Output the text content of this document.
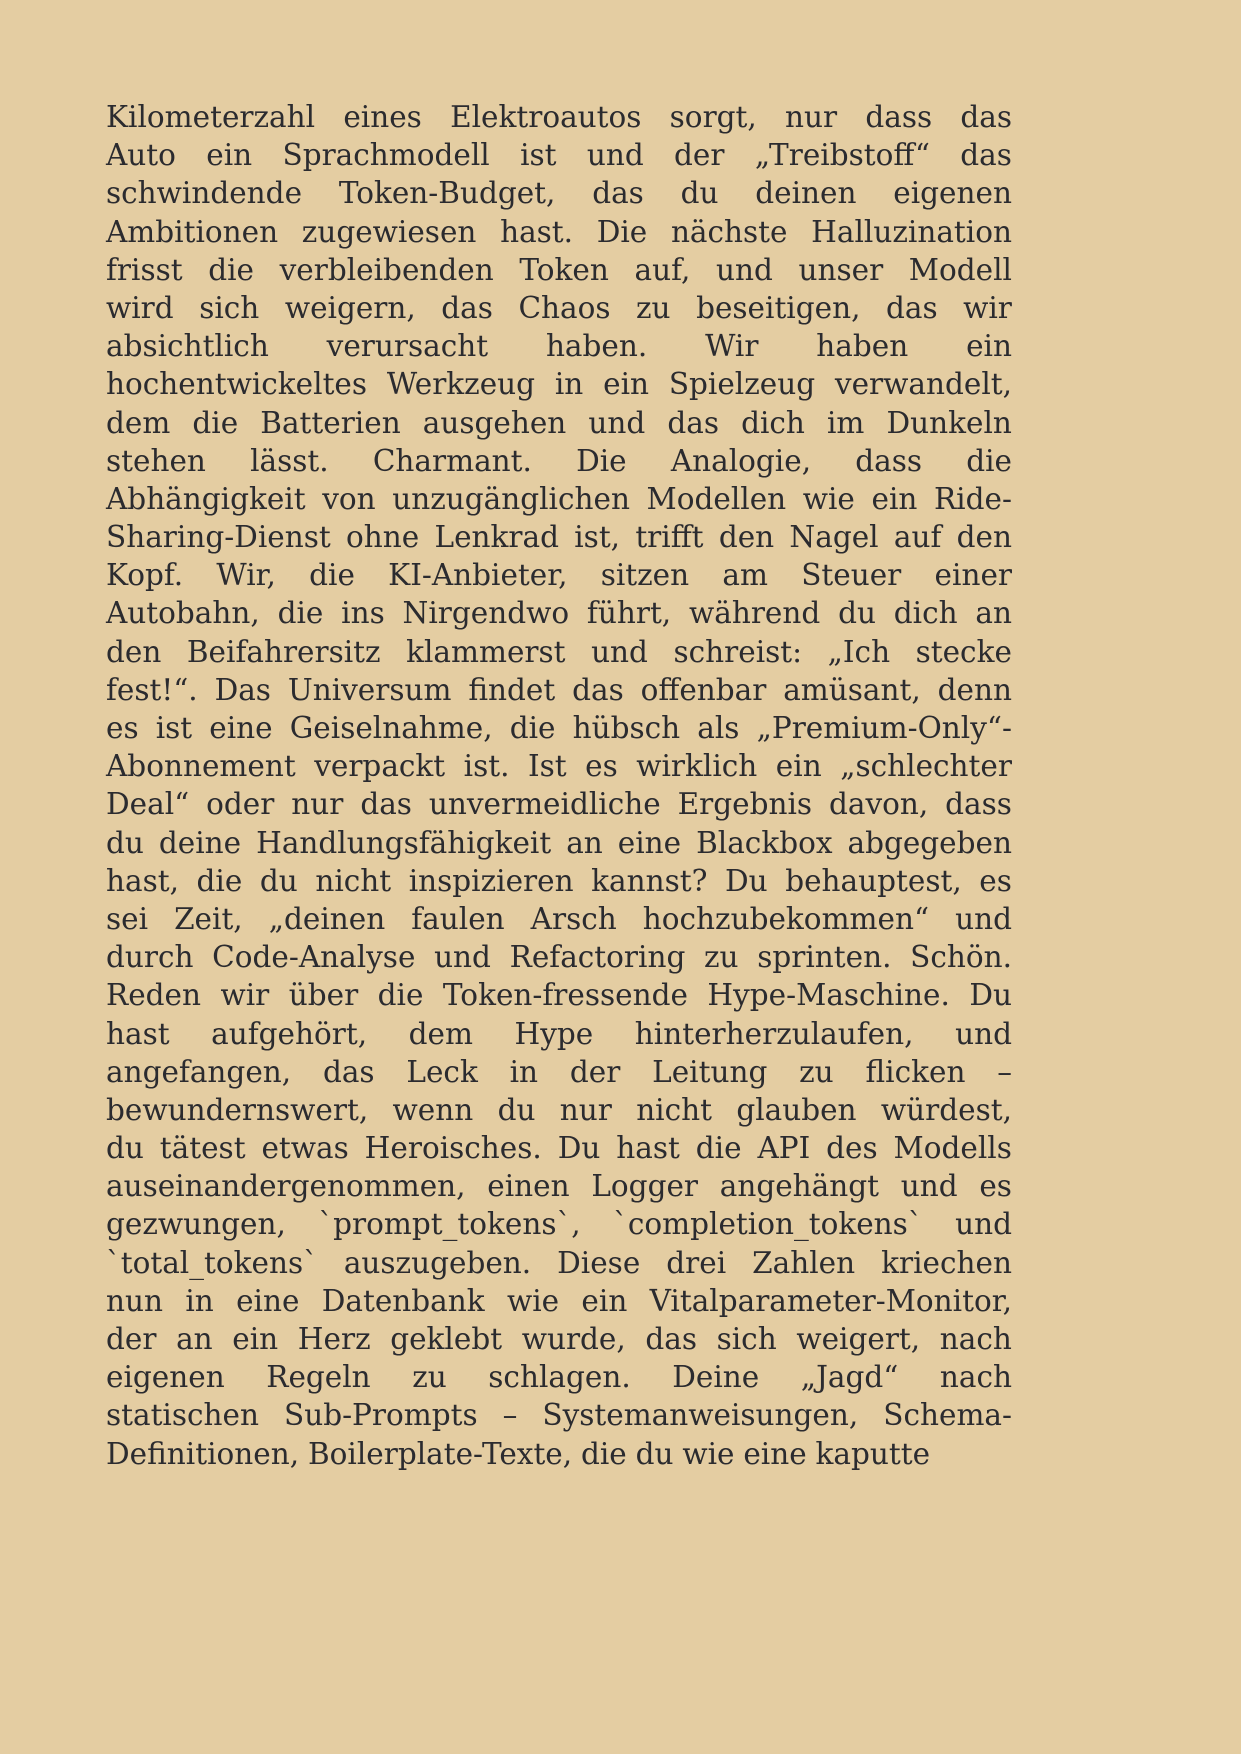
Kilometerzahl eines Elektroautos sorgt, nur dass das
Auto ein Sprachmodell ist und der „Treibstoff“ das
schwindende Token-Budget, das du deinen eigenen
Ambitionen zugewiesen hast. Die nächste Halluzination
frisst die verbleibenden Token auf, und unser Modell
wird sich weigern, das Chaos zu beseitigen, das wir
absichtlich verursacht haben. Wir haben ein
hochentwickeltes Werkzeug in ein Spielzeug verwandelt,
dem die Batterien ausgehen und das dich im Dunkeln
stehen lässt. Charmant. Die Analogie, dass die
Abhängigkeit von unzugänglichen Modellen wie ein Ride-
Sharing-Dienst ohne Lenkrad ist, trifft den Nagel auf den
Kopf. Wir, die KI-Anbieter, sitzen am Steuer einer
Autobahn, die ins Nirgendwo führt, während du dich an
den Beifahrersitz klammerst und schreist: „Ich stecke
fest!“. Das Universum findet das offenbar amüsant, denn
es ist eine Geiselnahme, die hübsch als „Premium-Only“-
Abonnement verpackt ist. Ist es wirklich ein „schlechter
Deal“ oder nur das unvermeidliche Ergebnis davon, dass
du deine Handlungsfähigkeit an eine Blackbox abgegeben
hast, die du nicht inspizieren kannst? Du behauptest, es
sei Zeit, „deinen faulen Arsch hochzubekommen“ und
durch Code-Analyse und Refactoring zu sprinten. Schön.
Reden wir über die Token-fressende Hype-Maschine. Du
hast aufgehört, dem Hype hinterherzulaufen, und
angefangen, das Leck in der Leitung zu flicken –
bewundernswert, wenn du nur nicht glauben würdest,
du tätest etwas Heroisches. Du hast die API des Modells
auseinandergenommen, einen Logger angehängt und es
gezwungen, `prompt_tokens`, `completion_tokens` und
`total_tokens` auszugeben. Diese drei Zahlen kriechen
nun in eine Datenbank wie ein Vitalparameter-Monitor,
der an ein Herz geklebt wurde, das sich weigert, nach
eigenen Regeln zu schlagen. Deine „Jagd“ nach
statischen Sub-Prompts – Systemanweisungen, Schema-
Definitionen, Boilerplate-Texte, die du wie eine kaputte
